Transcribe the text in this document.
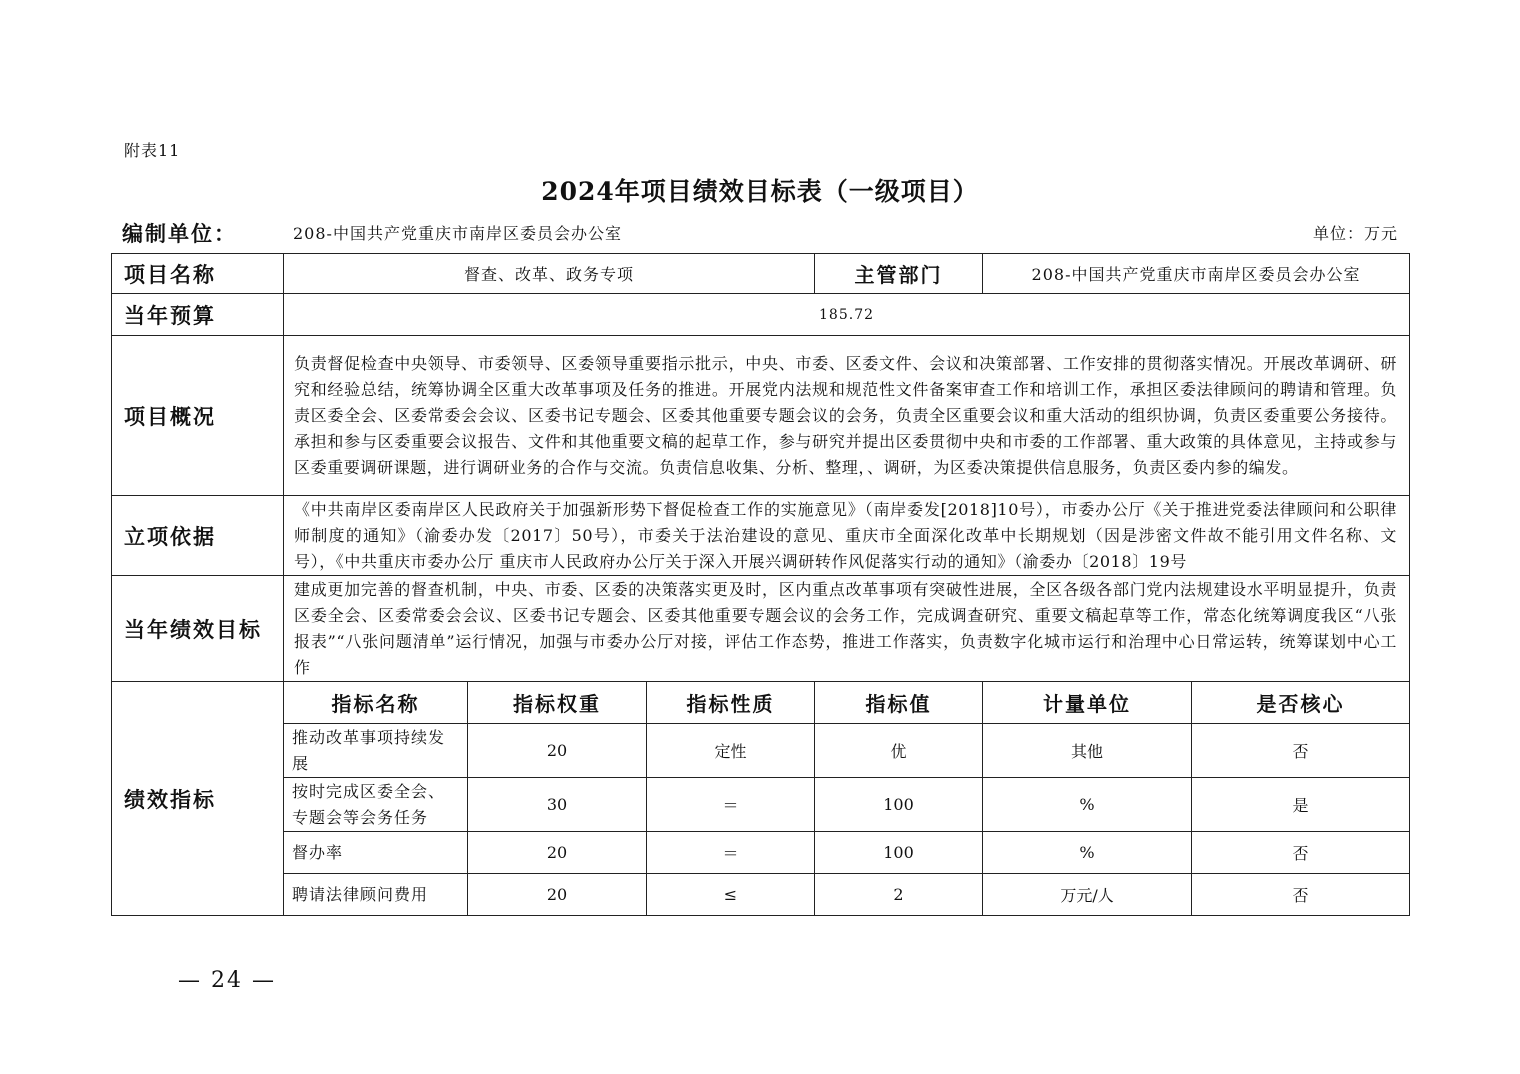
附表11
2024年项目绩效目标表（一级项目）
编制单位：	208-中国共产党重庆市南岸区委员会办公室	单位：万元
项目名称	督查、改革、政务专项			主管部门	208-中国共产党重庆市南岸区委员会办公室	
当年预算	185.72					
项目概况	负责督促检查中央领导、市委领导、区委领导重要指示批示，中央、市委、区委文件、会议和决策部署、工作安排的贯彻落实情况。开展改革调研、研究和经验总结，统筹协调全区重大改革事项及任务的推进。开展党内法规和规范性文件备案审查工作和培训工作，承担区委法律顾问的聘请和管理。负责区委全会、区委常委会会议、区委书记专题会、区委其他重要专题会议的会务，负责全区重要会议和重大活动的组织协调，负责区委重要公务接待。承担和参与区委重要会议报告、文件和其他重要文稿的起草工作，参与研究并提出区委贯彻中央和市委的工作部署、重大政策的具体意见，主持或参与区委重要调研课题，进行调研业务的合作与交流。负责信息收集、分析、整理，、调研，为区委决策提供信息服务，负责区委内参的编发。					
立项依据	《中共南岸区委南岸区人民政府关于加强新形势下督促检查工作的实施意见》（南岸委发[2018]10号），市委办公厅《关于推进党委法律顾问和公职律师制度的通知》（渝委办发〔2017〕50号），市委关于法治建设的意见、重庆市全面深化改革中长期规划（因是涉密文件故不能引用文件名称、文号），《中共重庆市委办公厅 重庆市人民政府办公厅关于深入开展兴调研转作风促落实行动的通知》（渝委办〔2018〕19号					
当年绩效目标	建成更加完善的督查机制，中央、市委、区委的决策落实更及时，区内重点改革事项有突破性进展，全区各级各部门党内法规建设水平明显提升，负责区委全会、区委常委会会议、区委书记专题会、区委其他重要专题会议的会务工作，完成调查研究、重要文稿起草等工作，常态化统筹调度我区“八张报表”“八张问题清单”运行情况，加强与市委办公厅对接，评估工作态势，推进工作落实，负责数字化城市运行和治理中心日常运转，统筹谋划中心工作					
绩效指标	指标名称	指标权重	指标性质	指标值	计量单位	是否核心
	推动改革事项持续发展	20	定性	优	其他	否
	按时完成区委全会、专题会等会务任务	30	＝	100	%	是
	督办率	20	＝	100	%	否
	聘请法律顾问费用	20	≤	2	万元/人	否
— 24 —
